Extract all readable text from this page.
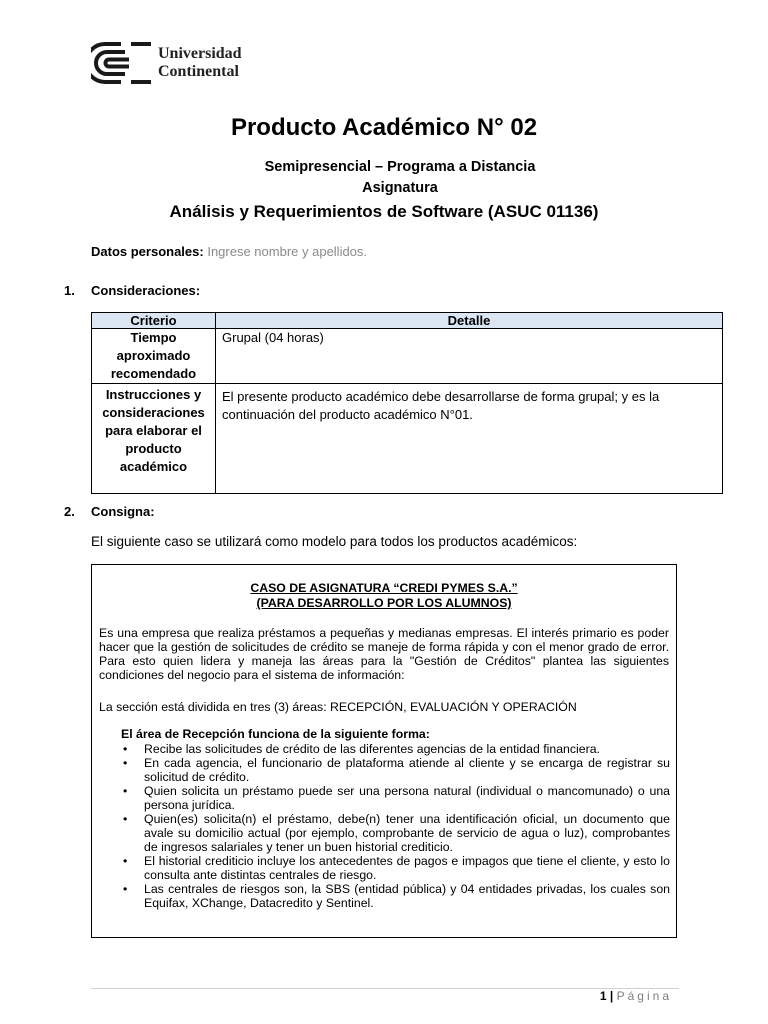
Universidad
Continental
Producto Académico N° 02
Semipresencial – Programa a Distancia
Asignatura
Análisis y Requerimientos de Software (ASUC 01136)
Datos personales: Ingrese nombre y apellidos.
1. Consideraciones:
Criterio	Detalle

Tiempo aproximado recomendado	Grupal (04 horas)

Instrucciones y consideraciones para elaborar el producto académico	El presente producto académico debe desarrollarse de forma grupal; y es la continuación del producto académico N°01.
2. Consigna:
El siguiente caso se utilizará como modelo para todos los productos académicos:
CASO DE ASIGNATURA “CREDI PYMES S.A.”
(PARA DESARROLLO POR LOS ALUMNOS)
Es una empresa que realiza préstamos a pequeñas y medianas empresas. El interés primario es poder hacer que la gestión de solicitudes de crédito se maneje de forma rápida y con el menor grado de error. Para esto quien lidera y maneja las áreas para la "Gestión de Créditos" plantea las siguientes condiciones del negocio para el sistema de información:
La sección está dividida en tres (3) áreas: RECEPCIÓN, EVALUACIÓN Y OPERACIÓN
El área de Recepción funciona de la siguiente forma:
• Recibe las solicitudes de crédito de las diferentes agencias de la entidad financiera.
• En cada agencia, el funcionario de plataforma atiende al cliente y se encarga de registrar su solicitud de crédito.
• Quien solicita un préstamo puede ser una persona natural (individual o mancomunado) o una persona jurídica.
• Quien(es) solicita(n) el préstamo, debe(n) tener una identificación oficial, un documento que avale su domicilio actual (por ejemplo, comprobante de servicio de agua o luz), comprobantes de ingresos salariales y tener un buen historial crediticio.
• El historial crediticio incluye los antecedentes de pagos e impagos que tiene el cliente, y esto lo consulta ante distintas centrales de riesgo.
• Las centrales de riesgos son, la SBS (entidad pública) y 04 entidades privadas, los cuales son Equifax, XChange, Datacredito y Sentinel.
1 | Página
